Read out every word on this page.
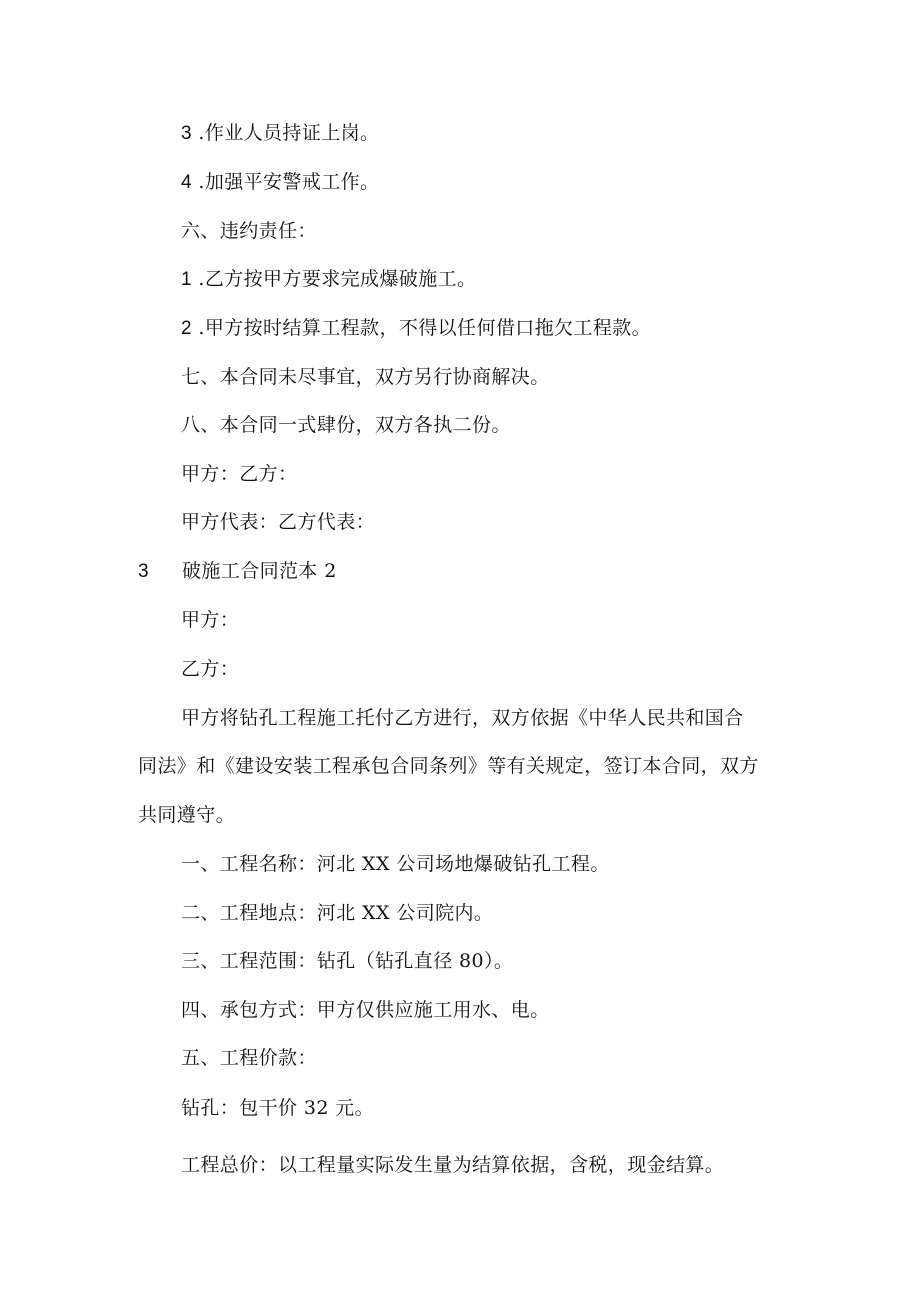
3 .作业人员持证上岗。
4 .加强平安警戒工作。
六、违约责任：
1 .乙方按甲方要求完成爆破施工。
2 .甲方按时结算工程款，不得以任何借口拖欠工程款。
七、本合同未尽事宜，双方另行协商解决。
八、本合同一式肆份，双方各执二份。
甲方：乙方：
甲方代表：乙方代表：
3 破施工合同范本 2
甲方：
乙方：
甲方将钻孔工程施工托付乙方进行，双方依据《中华人民共和国合
同法》和《建设安装工程承包合同条列》等有关规定，签订本合同，双方
共同遵守。
一、工程名称：河北 XX 公司场地爆破钻孔工程。
二、工程地点：河北 XX 公司院内。
三、工程范围：钻孔（钻孔直径 80）。
四、承包方式：甲方仅供应施工用水、电。
五、工程价款：
钻孔：包干价 32 元。
工程总价：以工程量实际发生量为结算依据，含税，现金结算。
